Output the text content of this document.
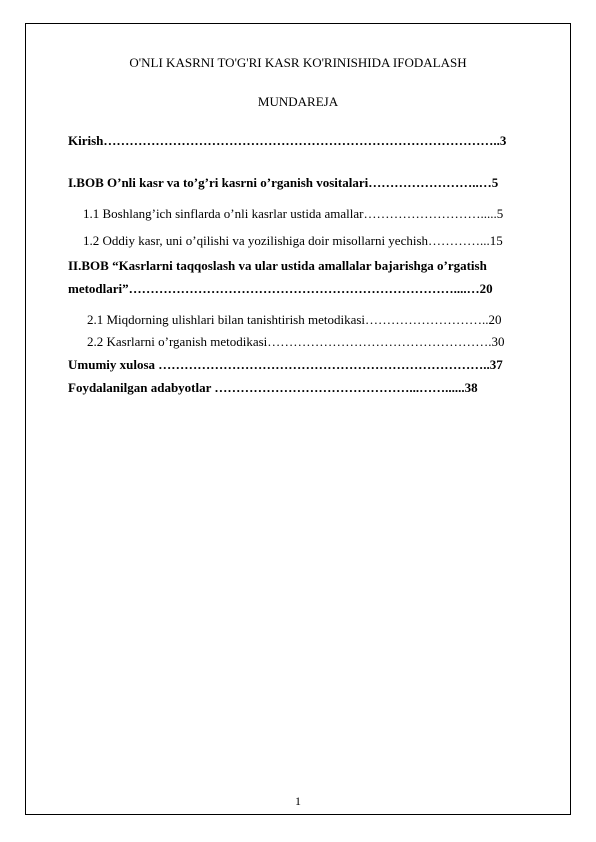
O'NLI KASRNI TO'G'RI KASR KO'RINISHIDA IFODALASH
MUNDAREJA
Kirish………………………………………………………………………………..3
I.BOB O’nli kasr va to’g’ri kasrni o’rganish vositalari……………………..…5
1.1 Boshlang’ich sinflarda o’nli kasrlar ustida amallar……………………….....5
1.2 Oddiy kasr, uni o’qilishi va yozilishiga doir misollarni yechish…………...15
II.BOB “Kasrlarni taqqoslash va ular ustida amallalar bajarishga o’rgatish
metodlari”…………………………………………………………………....…20
2.1 Miqdorning ulishlari bilan tanishtirish metodikasi………………………..20
2.2 Kasrlarni o’rganish metodikasi…………………………………………….30
Umumiy xulosa …………………………………………………………………..37
Foydalanilgan adabyotlar ………………………………………...……......38
1
